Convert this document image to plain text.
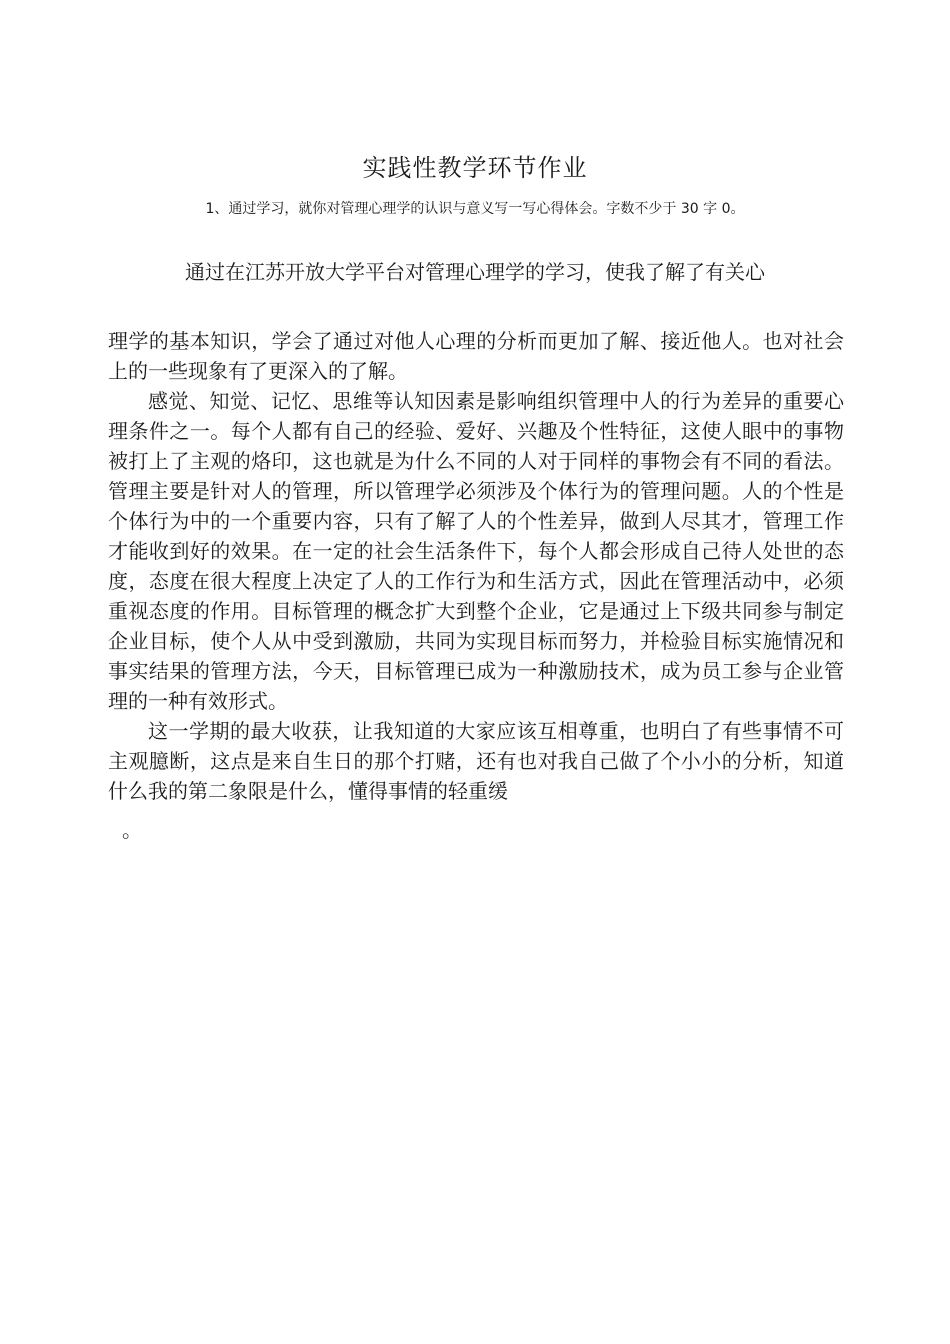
实践性教学环节作业
1、通过学习，就你对管理心理学的认识与意义写一写心得体会。字数不少于 30 字 0。
通过在江苏开放大学平台对管理心理学的学习，使我了解了有关心

理学的基本知识，学会了通过对他人心理的分析而更加了解、接近他人。也对社会上的一些现象有了更深入的了解。

感觉、知觉、记忆、思维等认知因素是影响组织管理中人的行为差异的重要心理条件之一。每个人都有自己的经验、爱好、兴趣及个性特征，这使人眼中的事物被打上了主观的烙印，这也就是为什么不同的人对于同样的事物会有不同的看法。管理主要是针对人的管理，所以管理学必须涉及个体行为的管理问题。人的个性是个体行为中的一个重要内容，只有了解了人的个性差异，做到人尽其才，管理工作才能收到好的效果。在一定的社会生活条件下，每个人都会形成自己待人处世的态度，态度在很大程度上决定了人的工作行为和生活方式，因此在管理活动中，必须重视态度的作用。目标管理的概念扩大到整个企业，它是通过上下级共同参与制定企业目标，使个人从中受到激励，共同为实现目标而努力，并检验目标实施情况和事实结果的管理方法，今天，目标管理已成为一种激励技术，成为员工参与企业管理的一种有效形式。

这一学期的最大收获，让我知道的大家应该互相尊重，也明白了有些事情不可主观臆断，这点是来自生日的那个打赌，还有也对我自己做了个小小的分析，知道什么我的第二象限是什么，懂得事情的轻重缓

。
